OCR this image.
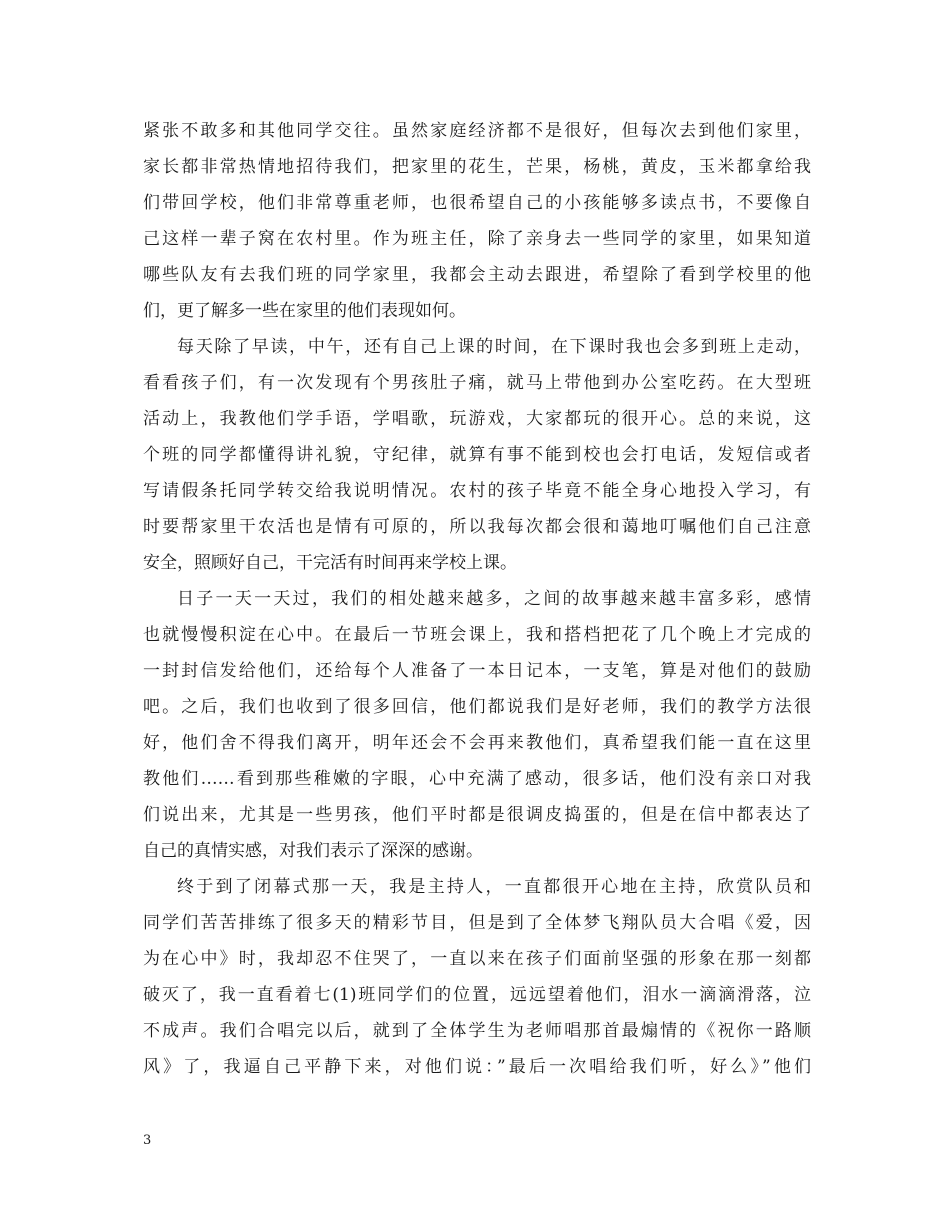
紧张不敢多和其他同学交往。虽然家庭经济都不是很好，但每次去到他们家里，
家长都非常热情地招待我们，把家里的花生，芒果，杨桃，黄皮，玉米都拿给我
们带回学校，他们非常尊重老师，也很希望自己的小孩能够多读点书，不要像自
己这样一辈子窝在农村里。作为班主任，除了亲身去一些同学的家里，如果知道
哪些队友有去我们班的同学家里，我都会主动去跟进，希望除了看到学校里的他
们，更了解多一些在家里的他们表现如何。
每天除了早读，中午，还有自己上课的时间，在下课时我也会多到班上走动，
看看孩子们，有一次发现有个男孩肚子痛，就马上带他到办公室吃药。在大型班
活动上，我教他们学手语，学唱歌，玩游戏，大家都玩的很开心。总的来说，这
个班的同学都懂得讲礼貌，守纪律，就算有事不能到校也会打电话，发短信或者
写请假条托同学转交给我说明情况。农村的孩子毕竟不能全身心地投入学习，有
时要帮家里干农活也是情有可原的，所以我每次都会很和蔼地叮嘱他们自己注意
安全，照顾好自己，干完活有时间再来学校上课。
日子一天一天过，我们的相处越来越多，之间的故事越来越丰富多彩，感情
也就慢慢积淀在心中。在最后一节班会课上，我和搭档把花了几个晚上才完成的
一封封信发给他们，还给每个人准备了一本日记本，一支笔，算是对他们的鼓励
吧。之后，我们也收到了很多回信，他们都说我们是好老师，我们的教学方法很
好，他们舍不得我们离开，明年还会不会再来教他们，真希望我们能一直在这里
教他们……看到那些稚嫩的字眼，心中充满了感动，很多话，他们没有亲口对我
们说出来，尤其是一些男孩，他们平时都是很调皮捣蛋的，但是在信中都表达了
自己的真情实感，对我们表示了深深的感谢。
终于到了闭幕式那一天，我是主持人，一直都很开心地在主持，欣赏队员和
同学们苦苦排练了很多天的精彩节目，但是到了全体梦飞翔队员大合唱《爱，因
为在心中》时，我却忍不住哭了，一直以来在孩子们面前坚强的形象在那一刻都
破灭了，我一直看着七(1)班同学们的位置，远远望着他们，泪水一滴滴滑落，泣
不成声。我们合唱完以后，就到了全体学生为老师唱那首最煽情的《祝你一路顺
风》了，我逼自己平静下来，对他们说：”最后一次唱给我们听，好么》”他们
3
